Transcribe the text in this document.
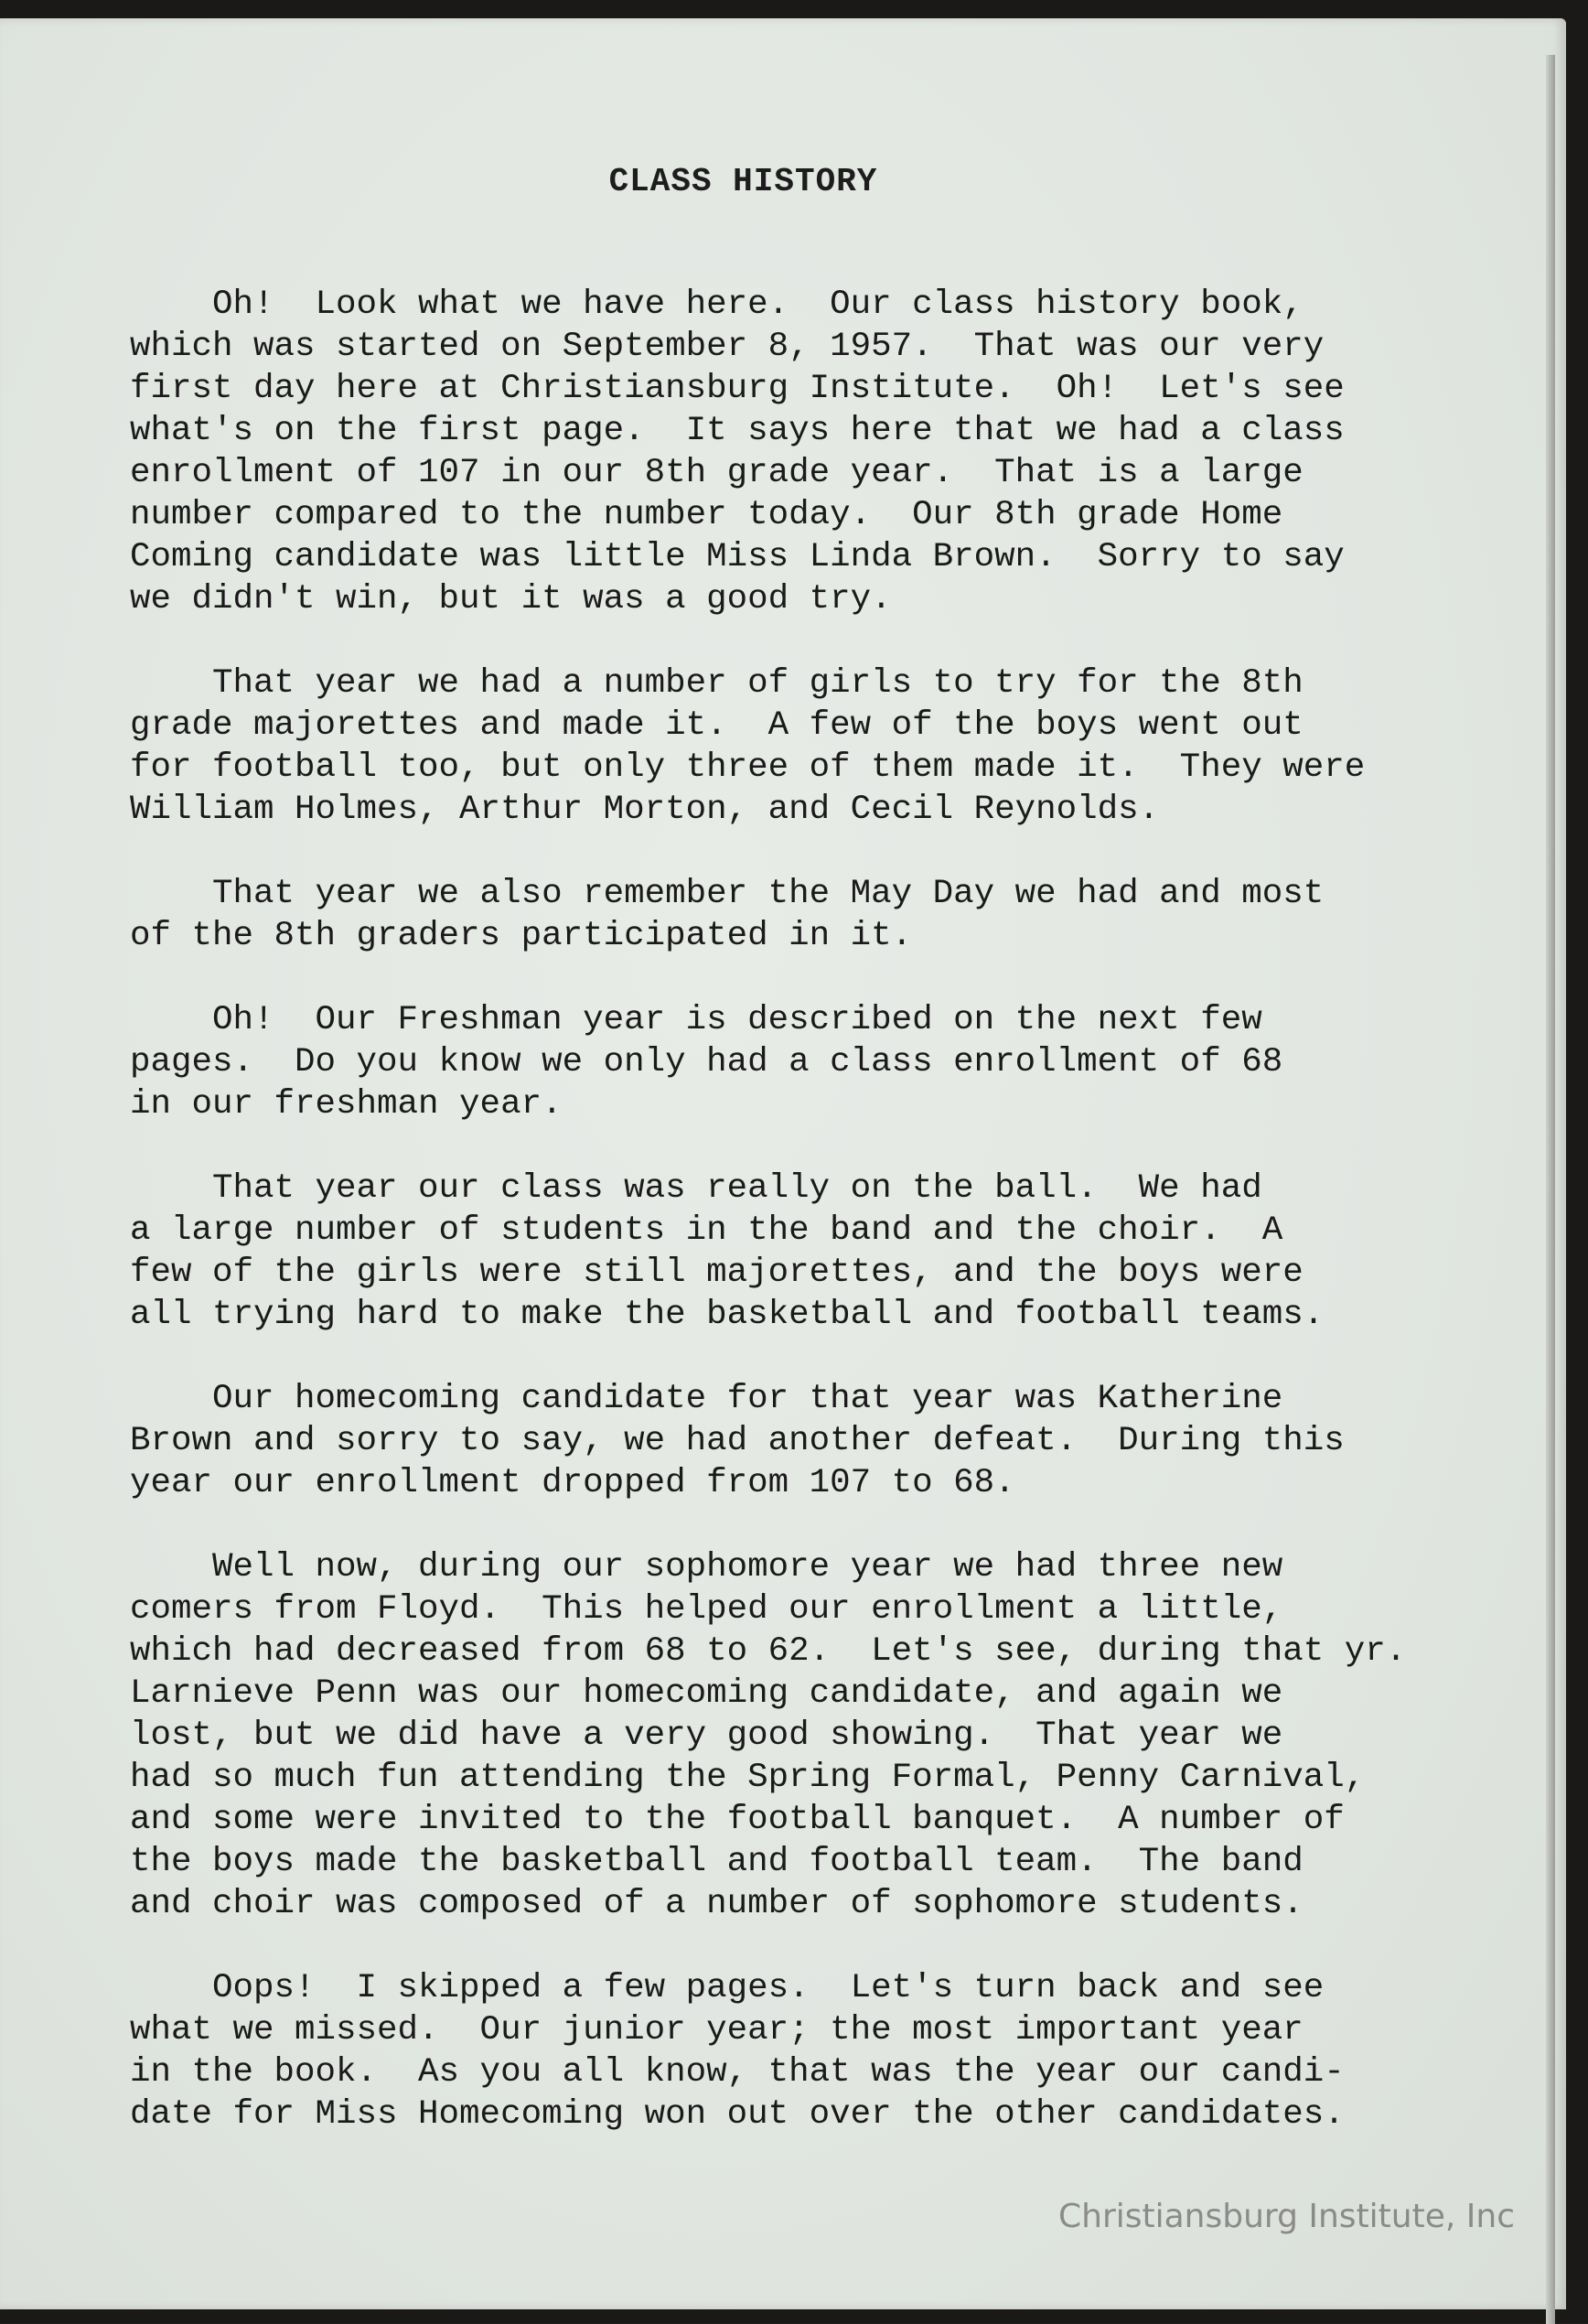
CLASS HISTORY

Oh!  Look what we have here.  Our class history book,
which was started on September 8, 1957.  That was our very
first day here at Christiansburg Institute.  Oh!  Let's see
what's on the first page.  It says here that we had a class
enrollment of 107 in our 8th grade year.  That is a large
number compared to the number today.  Our 8th grade Home
Coming candidate was little Miss Linda Brown.  Sorry to say
we didn't win, but it was a good try.

That year we had a number of girls to try for the 8th
grade majorettes and made it.  A few of the boys went out
for football too, but only three of them made it.  They were
William Holmes, Arthur Morton, and Cecil Reynolds.

That year we also remember the May Day we had and most
of the 8th graders participated in it.

Oh!  Our Freshman year is described on the next few
pages.  Do you know we only had a class enrollment of 68
in our freshman year.

That year our class was really on the ball.  We had
a large number of students in the band and the choir.  A
few of the girls were still majorettes, and the boys were
all trying hard to make the basketball and football teams.

Our homecoming candidate for that year was Katherine
Brown and sorry to say, we had another defeat.  During this
year our enrollment dropped from 107 to 68.

Well now, during our sophomore year we had three new
comers from Floyd.  This helped our enrollment a little,
which had decreased from 68 to 62.  Let's see, during that yr.
Larnieve Penn was our homecoming candidate, and again we
lost, but we did have a very good showing.  That year we
had so much fun attending the Spring Formal, Penny Carnival,
and some were invited to the football banquet.  A number of
the boys made the basketball and football team.  The band
and choir was composed of a number of sophomore students.

Oops!  I skipped a few pages.  Let's turn back and see
what we missed.  Our junior year; the most important year
in the book.  As you all know, that was the year our candi-
date for Miss Homecoming won out over the other candidates.

Christiansburg Institute, Inc
